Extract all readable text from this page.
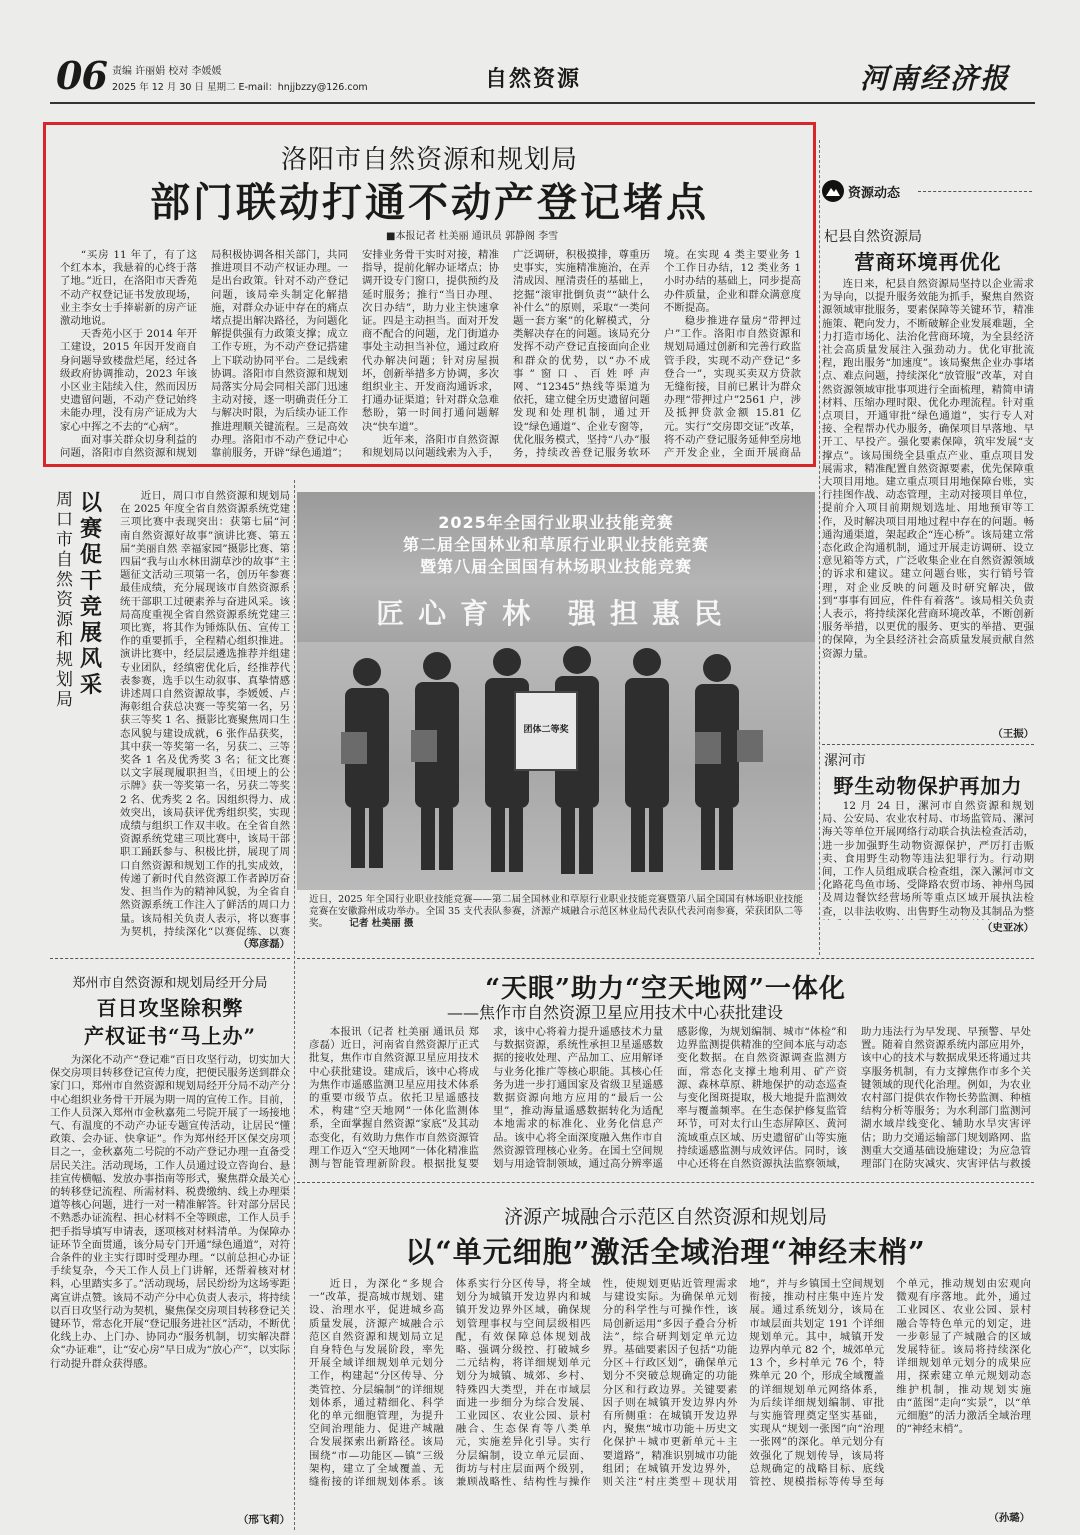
06 责编 许丽娟 校对 李媛媛
2025 年 12 月 30 日 星期二 E-mail：hnjjbzzy@126.com	自然资源	河南经济报
洛阳市自然资源和规划局
部门联动打通不动产登记堵点
■本报记者 杜美丽 通讯员 郭静阁 李雪

“买房 11 年了，有了这个红本本，我悬着的心终于落了地。”近日，在洛阳市天香苑不动产权登记证书发放现场，业主李女士手捧崭新的房产证激动地说。

天香苑小区于 2014 年开工建设，2015 年因开发商自身问题导致楼盘烂尾，经过各级政府协调推动，2023 年该小区业主陆续入住，然而因历史遗留问题，不动产登记始终未能办理，没有房产证成为大家心中挥之不去的“心病”。

面对事关群众切身利益的问题，洛阳市自然资源和规划局积极协调各相关部门，共同推进项目不动产权证办理。一是出台政策。针对不动产登记问题，该局牵头制定化解措施，对群众办证中存在的痛点堵点提出解决路径，为问题化解提供强有力政策支撑；成立工作专班，为不动产登记搭建上下联动协同平台。二是线索协调。洛阳市自然资源和规划局落实分局会同相关部门迅速主动对接，逐一明确责任分工与解决时限，为后续办证工作推进理顺关键流程。三是高效办理。洛阳市不动产登记中心靠前服务，开辟“绿色通道”；安排业务骨干实时对接，精准指导，提前化解办证堵点；协调开设专门窗口，提供预约及延时服务；推行“当日办理、次日办结”，助力业主快速拿证。四是主动担当。面对开发商不配合的问题，龙门街道办事处主动担当补位，通过政府代办解决问题；针对房屋损坏，创新举措多方协调，多次组织业主、开发商沟通诉求，打通办证渠道；针对群众急难愁盼，第一时间打通问题解决“快车道”。

近年来，洛阳市自然资源和规划局以问题线索为入手，广泛调研，积极摸排，尊重历史事实，实施精准施治，在弄清成因、厘清责任的基础上，挖掘“滚审批倒负责”“缺什么补什么”的原则，采取“一类问题一套方案”的化解模式，分类解决存在的问题。该局充分发挥不动产登记直接面向企业和群众的优势，以“办不成事”窗口、百姓呼声网、“12345”热线等渠道为依托，建立健全历史遗留问题发现和处理机制，通过开设“绿色通道”、企业专窗等，优化服务模式，坚持“八办”服务，持续改善登记服务软环境。在实现 4 类主要业务 1 个工作日办结，12 类业务 1 小时办结的基础上，同步提高办件质量，企业和群众满意度不断提高。

稳步推进存量房“带押过户”工作。洛阳市自然资源和规划局通过创新和完善行政监管手段，实现不动产登记“多登合一”，实现买卖双方贷款无缝衔接，目前已累计为群众办理“带押过户”2561 户，涉及抵押贷款金额 15.81 亿元。实行“交房即交证”改革，将不动产登记服务延伸至房地产开发企业，全面开展商品

资源动态
杞县自然资源局
营商环境再优化

连日来，杞县自然资源局坚持以企业需求为导向，以提升服务效能为抓手，聚焦自然资源领域审批服务，要素保障等关键环节，精准施策、靶向发力，不断破解企业发展难题，全力打造市场化、法治化营商环境，为全县经济社会高质量发展注入强劲动力。优化审批流程，跑出服务“加速度”。该局聚焦企业办事堵点、难点问题，持续深化“放管服”改革，对自然资源领域审批事项进行全面梳理，精简申请材料、压缩办理时限、优化办理流程。针对重点项目，开通审批“绿色通道”，实行专人对接、全程帮办代办服务，确保项目早落地、早开工、早投产。强化要素保障，筑牢发展“支撑点”。该局围绕全县重点产业、重点项目发展需求，精准配置自然资源要素，优先保障重大项目用地。建立重点项目用地保障台账，实行挂图作战、动态管理，主动对接项目单位，提前介入项目前期规划选址、用地预审等工作，及时解决项目用地过程中存在的问题。畅通沟通渠道，架起政企“连心桥”。该局建立常态化政企沟通机制，通过开展走访调研、设立意见箱等方式，广泛收集企业在自然资源领域的诉求和建议。建立问题台账，实行销号管理，对企业反映的问题及时研究解决，做到“事事有回应，件件有着落”。该局相关负责人表示，将持续深化营商环境改革，不断创新服务举措，以更优的服务、更实的举措、更强的保障，为全县经济社会高质量发展贡献自然资源力量。

（王振）
漯河市
野生动物保护再加力

12 月 24 日，漯河市自然资源和规划局、公安局、农业农村局、市场监管局、漯河海关等单位开展网络行动联合执法检查活动，进一步加强野生动物资源保护，严厉打击贩卖、食用野生动物等违法犯罪行为。行动期间，工作人员组成联合检查组，深入漯河市文化路花鸟鱼市场、受降路农贸市场、神州鸟园及周边餐饮经营场所等重点区域开展执法检查，以非法收购、出售野生动物及其制品为整

（史亚冰）
以赛促干 竞展风采
周口市自然资源和规划局

近日，周口市自然资源和规划局在 2025 年度全省自然资源系统党建三项比赛中表现突出：获第七届“河南自然资源好故事”演讲比赛、第五届“美丽自然 幸福家园”摄影比赛、第四届“我与山水林田湖草沙的故事”主题征文活动三项第一名，创历年参赛最佳成绩，充分展现该市自然资源系统干部职工过硬素养与奋进风采。该局高度重视全省自然资源系统党建三项比赛，将其作为锤炼队伍、宣传工作的重要抓手，全程精心组织推进。演讲比赛中，经层层遴选推荐并组建专业团队，经缜密优化后，经推荐代表参赛，选手以生动叙事、真挚情感讲述周口自然资源故事，李媛媛、卢海彰组合获总决赛一等奖第一名，另获三等奖 1 名、摄影比赛聚焦周口生态风貌与建设成就，6 张作品获奖，其中获一等奖第一名，另获二、三等奖各 1 名及优秀奖 3 名；征文比赛以文字展现履职担当，《田埂上的公示牌》获一等奖第一名，另获二等奖 2 名、优秀奖 2 名。因组织得力、成效突出，该局获评优秀组织奖，实现成绩与组织工作双丰收。在全省自然资源系统党建三项比赛中，该局干部职工踊跃参与、积极比拼，展现了周口自然资源和规划工作的扎实成效，传递了新时代自然资源工作者踔厉奋发、担当作为的精神风貌，为全省自然资源系统工作注入了鲜活的周口力量。该局相关负责人表示，将以赛事为契机，持续深化“以赛促练、以赛

（郑彦磊）
2025年全国行业职业技能竞赛
第二届全国林业和草原行业职业技能竞赛
暨第八届全国国有林场职业技能竞赛
匠心育林 强担惠民
团体二等奖
近日，2025 年全国行业职业技能竞赛——第二届全国林业和草原行业职业技能竞赛暨第八届全国国有林场职业技能竞赛在安徽滁州成功举办。全国 35 支代表队参赛，济源产城融合示范区林业局代表队代表河南参赛，荣获团队二等奖。 记者 杜美丽 摄
郑州市自然资源和规划局经开分局
百日攻坚除积弊
产权证书“马上办”

为深化不动产“登记难”百日攻坚行动，切实加大保交房项目转移登记宣传力度，把便民服务送到群众家门口，郑州市自然资源和规划局经开分局不动产分中心组织业务骨干开展为期一周的宣传工作。目前，工作人员深入郑州市金秋嘉苑二号院开展了一场接地气、有温度的不动产办证专题宣传活动，让居民“懂政策、会办证、快拿证”。作为郑州经开区保交房项目之一，金秋嘉苑二号院的不动产登记办理一直备受居民关注。活动现场，工作人员通过设立咨询台、悬挂宣传横幅、发放办事指南等形式，聚焦群众最关心的转移登记流程、所需材料、税费缴纳、线上办理渠道等核心问题，进行一对一精准解答。针对部分居民不熟悉办证流程、担心材料不全等顾虑，工作人员手把手指导填写申请表，逐项核对材料清单。为保障办证环节全面贯通，该分局专门开通“绿色通道”，对符合条件的业主实行即时受理办理。“以前总担心办证手续复杂，今天工作人员上门讲解，还帮着核对材料，心里踏实多了。”活动现场，居民纷纷为这场零距离宣讲点赞。该局不动产分中心负责人表示，将持续以百日攻坚行动为契机，聚焦保交房项目转移登记关键环节，常态化开展“登记服务进社区”活动，不断优化线上办、上门办、协同办“服务机制，切实解决群众“办证难”，让“安心房”早日成为“放心产”，以实际行动提升群众获得感。

（邢飞莉）
“天眼”助力“空天地网”一体化
——焦作市自然资源卫星应用技术中心获批建设

本报讯（记者 杜美丽 通讯员 郑彦磊）近日，河南省自然资源厅正式批复，焦作市自然资源卫星应用技术中心获批建设。建成后，该中心将成为焦作市遥感监测卫星应用技术体系的重要市级节点。依托卫星遥感技术，构建“空天地网”一体化监测体系，全面掌握自然资源“家底”及其动态变化，有效助力焦作市自然资源管理工作迈入“空天地网”一体化精准监测与智能管理新阶段。根据批复要求，该中心将着力提升遥感技术力量与数据资源，系统性承担卫星遥感数据的接收处理、产品加工、应用解译与业务化推广等核心职能。其核心任务为进一步打通国家及省级卫星遥感数据资源向地方应用的“最后一公里”，推动海量遥感数据转化为适配本地需求的标准化、业务化信息产品。该中心将全面深度融入焦作市自然资源管理核心业务。在国土空间规划与用途管制领域，通过高分辨率遥感影像，为规划编制、城市“体检”和边界监测提供精准的空间本底与动态变化数据。在自然资源调查监测方面，常态化支撑土地利用、矿产资源、森林草原、耕地保护的动态巡查与变化图斑提取，极大地提升监测效率与覆盖频率。在生态保护修复监管环节，可对太行山生态屏障区、黄河流域重点区域、历史遗留矿山等实施持续遥感监测与成效评估。同时，该中心还将在自然资源执法监察领域，助力违法行为早发现、早预警、早处置。随着自然资源系统内部应用外，该中心的技术与数据成果还将通过共享服务机制，有力支撑焦作市多个关键领域的现代化治理。例如，为农业农村部门提供农作物长势监测、种植结构分析等服务；为水利部门监测河湖水域岸线变化、辅助水旱灾害评估；助力交通运输部门规划路网、监测重大交通基础设施建设；为应急管理部门在防灾减灾、灾害评估与救援

济源产城融合示范区自然资源和规划局
以“单元细胞”激活全域治理“神经末梢”

近日，为深化“多规合一”改革，提高城市规划、建设、治理水平，促进城乡高质量发展，济源产城融合示范区自然资源和规划局立足自身特色与发展阶段，率先开展全域详细规划单元划分工作，构建起“分区传导、分类管控、分层编制”的详细规划体系，通过精细化、科学化的单元细胞管理，为提升空间治理能力、促进产城融合发展探索出新路径。该局围绕“市—功能区—镇”三级架构，建立了全域覆盖、无缝衔接的详细规划体系。该体系实行分区传导，将全域划分为城镇开发边界内和城镇开发边界外区域，确保规划管理事权与空间层级相匹配，有效保障总体规划战略、强调分级控、打破城乡二元结构，将详细规划单元划分为城镇、城郊、乡村、特殊四大类型，并在市域层面进一步细分为综合发展、工业园区、农业公园、景村融合、生态保育等八类单元，实施差异化引导。实行分层编制，设立单元层面、街坊与村庄层面两个级别，兼顾战略性、结构性与操作性，使规划更贴近管理需求与建设实际。为确保单元划分的科学性与可操作性，该局创新运用“多因子叠合分析法”，综合研判划定单元边界。基础要素因子包括“功能分区＋行政区划”，确保单元划分不突破总规确定的功能分区和行政边界。关键要素因子则在城镇开发边界内外有所侧重：在城镇开发边界内，聚焦“城市功能＋历史文化保护＋城市更新单元＋主要道路”，精准识别城市功能组团；在城镇开发边界外，则关注“村庄类型＋现状用地”，并与乡镇国土空间规划衔接，推动村庄集中连片发展。通过系统划分，该局在市域层面共划定 191 个详细规划单元。其中，城镇开发边界内单元 82 个，城郊单元 13 个，乡村单元 76 个，特殊单元 20 个，形成全域覆盖的详细规划单元网络体系，为后续详细规划编制、审批与实施管理奠定坚实基础，实现从“规划一张图”向“治理一张网”的深化。单元划分有效强化了规划传导，该局将总规确定的战略目标、底线管控、规模指标等传导至每个单元，推动规划由宏观向微观有序落地。此外，通过工业园区、农业公园、景村融合等特色单元的划定，进一步彰显了产城融合的区域发展特征。该局将持续深化详细规划单元划分的成果应用，探索建立单元规划动态维护机制，推动规划实施由“蓝图”走向“实景”，以“单元细胞”的活力激活全域治理的“神经末梢”。

（孙璐）
